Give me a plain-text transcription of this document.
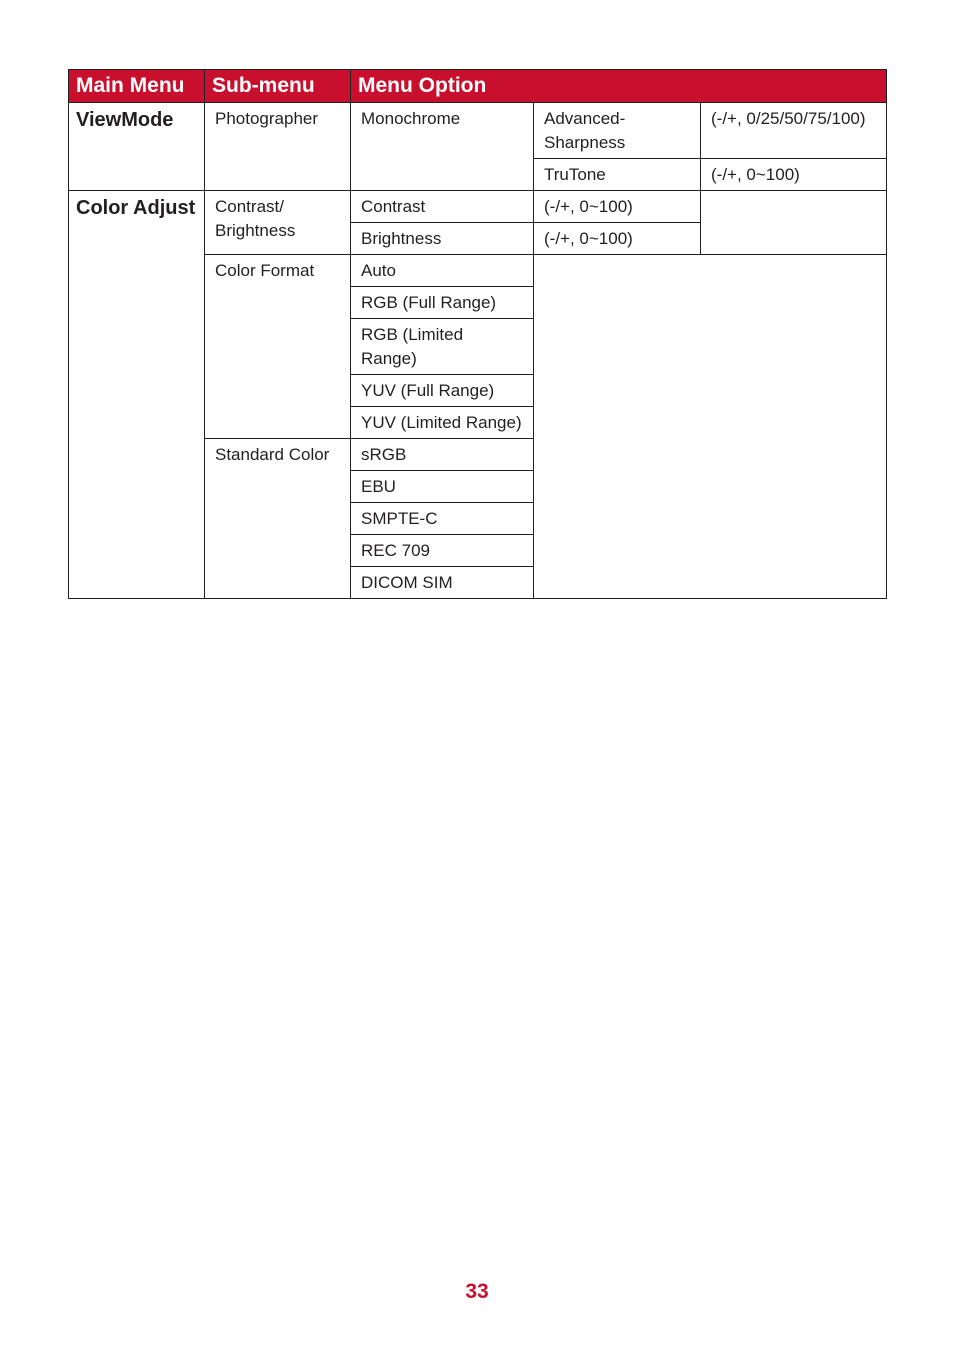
Main Menu	Sub-menu	Menu Option		
ViewMode	Photographer	Monochrome	Advanced-Sharpness	(-/+, 0/25/50/75/100)
			TruTone	(-/+, 0~100)
Color Adjust	Contrast/ Brightness	Contrast	(-/+, 0~100)	
		Brightness	(-/+, 0~100)	
	Color Format	Auto		
		RGB (Full Range)		
		RGB (Limited Range)		
		YUV (Full Range)		
		YUV (Limited Range)		
	Standard Color	sRGB		
		EBU		
		SMPTE-C		
		REC 709		
		DICOM SIM		
33
